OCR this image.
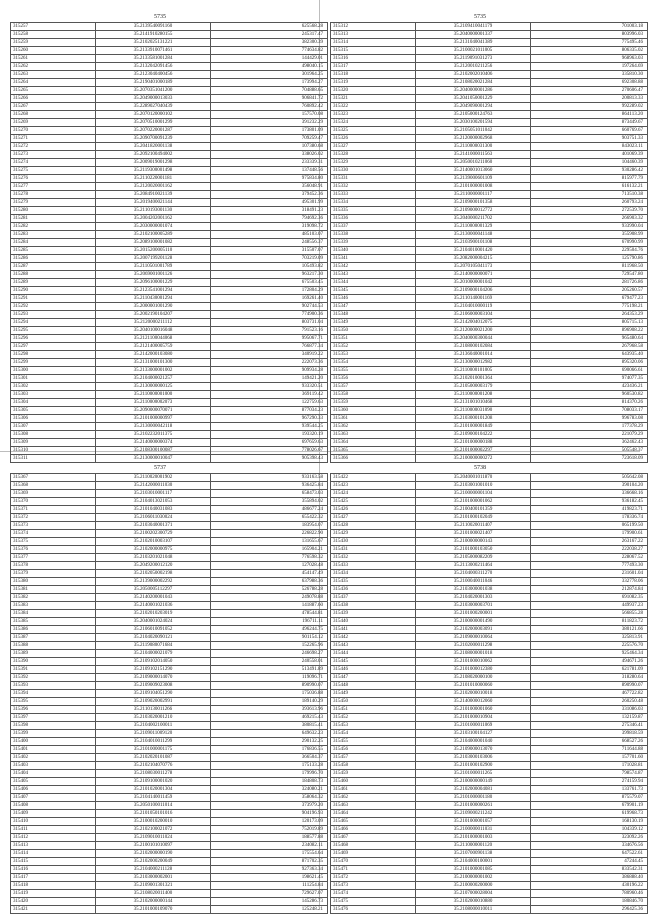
5735
315257	35.2139540091160	625568.28
315258	35.2141910280155	245317.47
315259	35.2102025131221	382300.39
315260	35.2133910071461	774634.82
315261	35.2133581001284	144429.01
315262	35.2132042091456	498040.15
315263	35.2123040400456	301964.25
315264	35.2190401000189	173994.27
315265	35.2070351041200	704888.65
315266	35.2049000013033	906841.72
315267	35.2289027040439	760892.42
315268	35.2070120000102	157570.08
315269	35.2070510001299	391232.29
315270	35.2070220001287	173801.09
315271	35.2090700091239	709259.47
315272	35.2041820001138	107380.68
315273	35.2092100494002	338026.02
315274	35.2009019001298	233339.31
315275	35.2119300001498	137448.56
315276	35.2110220001181	975834.80
315277	35.2120020001162	356048.91
315278	35.2084910021139	379452.36
315279	35.2019400021144	495301.99
315280	35.2110193001130	318491.23
315281	35.2004202001162	794692.36
315282	35.2030000001074	319098.72
315283	35.2102100005289	485103.07
315284	35.2089100001082	248556.37
315285	35.2015200005110	315507.07
315286	35.2007199201128	703219.09
315287	35.2110501001789	105493.82
315288	35.2069001001126	963217.30
315289	35.2096100001229	675503.45
315290	35.2123541001294	172804.29
315291	35.2110430001294	169261.40
315292	35.2000001001290	902744.53
315293	35.2002190104207	774900.36
315294	35.2120000211112	803731.04
315295	35.2040100016048	791523.16
315296	35.2121100044068	995067.71
315297	35.2121400005759	766877.34
315298	35.2142000103080	340919.22
315299	35.2131000101300	222073.36
315300	35.2133000001002	909934.28
315301	35.2104000021257	149421.20
315302	35.2130000000125	933320.51
315303	35.2110000001000	369119.42
315304	35.2110000002073	122759.63
315305	35.2090000070071	877034.23
315306	35.2101000000997	967290.33
315307	35.2130000042118	939544.25
315308	35.2102232011375	193320.19
315309	35.2140000000374	697659.63
315310	35.2108300100087	778026.67
315311	35.2130000010047	905398.43
5735
315312	35.2109410041179	701003.18
315313	35.2040000001337	803996.03
315314	35.2131040041389	775495.46
315315	35.2100021011005	806335.02
315316	35.2119091031273	968963.03
315317	35.2120010211256	197264.69
315318	35.2102002010406	335810.30
315319	35.2108020021284	692308.88
315320	35.2040000001286	270606.47
315321	35.2041050001229	200813.33
315322	35.2049090001294	992289.02
315323	35.2105000124763	864113.20
315324	35.2030100201594	873449.67
315325	35.2105051011042	660769.67
315326	35.2120000002968	903751.33
315327	35.2110000031300	843023.11
315328	35.2141000011563	401069.39
315329	35.2050010211060	104460.39
315330	35.2140001013060	930286.42
315331	35.2139000601109	815977.79
315332	35.2101000001008	616132.21
315333	35.2110000001117	713510.38
315334	35.2109000101358	260793.24
315335	35.2109000012772	272539.70
315336	35.2040000211702	266903.32
315337	35.2110000001329	933990.04
315338	35.2130000041148	355908.99
315339	35.2103900101108	670990.99
315340	35.2104010001420	229504.76
315341	35.2082000004215	125790.86
315342	35.2070105041173	811968.50
315343	35.2140000000071	729547.80
315344	35.2010000001042	281726.86
315345	35.2109000104206	205260.57
315346	35.2110140001169	679477.23
315347	35.2104010000119	775198.21
315348	35.2106000003104	264353.29
315349	35.2142004012075	805715.13
315350	35.2120000021200	896908.22
315351	35.2040000300044	965480.64
315352	35.2108000102084	267968.58
315353	35.2136040001014	643935.40
315354	35.2130000012982	895320.06
315355	35.2110000101005	690066.61
315356	35.2102010001364	974077.35
315357	35.2105000003179	423436.21
315358	35.2110000001208	960530.82
315359	35.2131001010468	814370.26
315360	35.2110000031090	708033.17
315361	35.2103000101208	996783.08
315362	35.2101000001849	177378.29
315363	35.2109000104222	221079.29
315364	35.2101000000188	362462.43
315365	35.2101000002297	505548.37
315366	35.2100000000272	723618.09
5737
315367	35.2110020001902	933163.58
315368	35.2142000011030	936425.84
315369	35.2103010001117	658473.03
315370	35.2104013021053	355894.02
315371	35.2101040031083	486677.24
315372	35.2106011030024	655422.32
315373	35.2103040001371	183954.07
315374	35.2100202300729	226822.90
315375	35.2102010003107	131655.67
315376	35.2102000000975	165904.21
315377	35.2103201021048	776598.32
315378	35.2049200012120	127028.48
315379	35.2102050002198	454147.49
315380	35.2139000002292	637988.36
315381	35.2050005112297	526788.28
315382	35.2140200001043	249078.88
315383	35.2140001021036	141887.60
315384	35.2102010203019	478544.81
315385	35.2040001024024	196711.11
315386	35.2106010091052	496244.75
315387	35.2104020090121	901154.12
315388	35.2119080071684	152265.96
315389	35.2104000021079	246698.27
315390	35.2109102014050	240558.01
315391	35.2109102151290	513491.89
315392	35.2109000014070	119096.71
315393	35.2109009023008	890990.07
315394	35.2109104051290	175036.88
315395	35.2109020002991	189140.29
315396	35.2110130011266	393613.96
315397	35.2103020001210	469215.43
315398	35.2104002100011	380815.41
315399	35.2109011009120	649632.23
315400	35.2104010011299	290132.25
315401	35.2101000001175	176836.55
315402	35.2102020101087	366504.37
315403	35.2102104070776	175133.28
315404	35.2108030011278	179996.70
315405	35.2109100001020	184808.73
315406	35.2101020001304	324080.21
315407	35.2104140011459	358064.32
315408	35.2050100011014	373979.20
315409	35.2101050101016	904196.93
315410	35.2100010200010	120173.09
315411	35.2102100021072	752019.89
315412	35.2109010011024	188577.88
315413	35.2100101010097	234082.11
315414	35.2102000000190	175554.64
315415	35.2102000200049	871702.35
315416	35.2104000211128	927363.34
315417	35.2103000002001	198621.45
315418	35.2109001301321	111254.84
315419	35.2108020011400	729627.07
315420	35.2102000000144	145286.73
315421	35.2101000109070	125248.21
5738
315422	35.2040001011870	505642.08
315423	35.2103001001010	390104.20
315424	35.2100000001104	336668.16
315425	35.2101000001062	936182.45
315426	35.2100400101359	419823.71
315427	35.2101000102049	178336.74
315428	35.2110020011407	065199.50
315429	35.2101000021407	179900.61
315430	35.2100000000143	263167.22
315431	35.2101000103050	222038.27
315432	35.2105000082209	228067.52
315433	35.2113000211464	777493.30
315434	35.2104000311270	231601.04
315435	35.2100040011046	332778.06
315436	35.2103000001038	212874.84
315437	35.2104020001303	691082.35
315438	35.2103000003701	449937.23
315439	35.2101000200001	566855.28
315440	35.2100000001490	811823.72
315441	35.2102000003091	380121.66
315442	35.2109000010064	325813.91
315443	35.2102000011298	225576.70
315444	35.2108000001018	925464.34
315445	35.2101000010062	494671.26
315446	35.2101000012380	621781.09
315447	35.2108020000100	318280.64
315448	35.2101010000060	890990.07
315449	35.2102000010018	467722.82
315450	35.2140000012060	260250.48
315451	35.2101000001060	331086.03
315452	35.2101000010904	132159.87
315453	35.2101000011069	275346.41
315454	35.2103100104127	399818.59
315455	35.2104000001040	668527.26
315456	35.2109000013070	711644.88
315457	35.2103000103006	157701.60
315458	35.2101000102900	171028.81
315459	35.2101000011265	798574.87
315460	35.2100000000149	274159.94
315461	35.2102000004081	133761.73
315462	35.2101000001180	875579.07
315463	35.2101000000261	679901.19
315464	35.2109000211242	619968.73
315465	35.2101000001057	168130.19
315466	35.2100000011031	104339.12
315467	35.2101000001003	323092.26
315468	35.2110000001120	334676.56
315469	35.2107000901138	647522.61
315470	35.2104000100001	47244.45
315471	35.2101000001085	833542.31
315472	35.2100000001002	386888.40
315473	35.2100000200000	430196.22
315474	35.2107000028004	780960.46
315475	35.2102000010880	180846.70
315476	35.2108000010011	296425.36
